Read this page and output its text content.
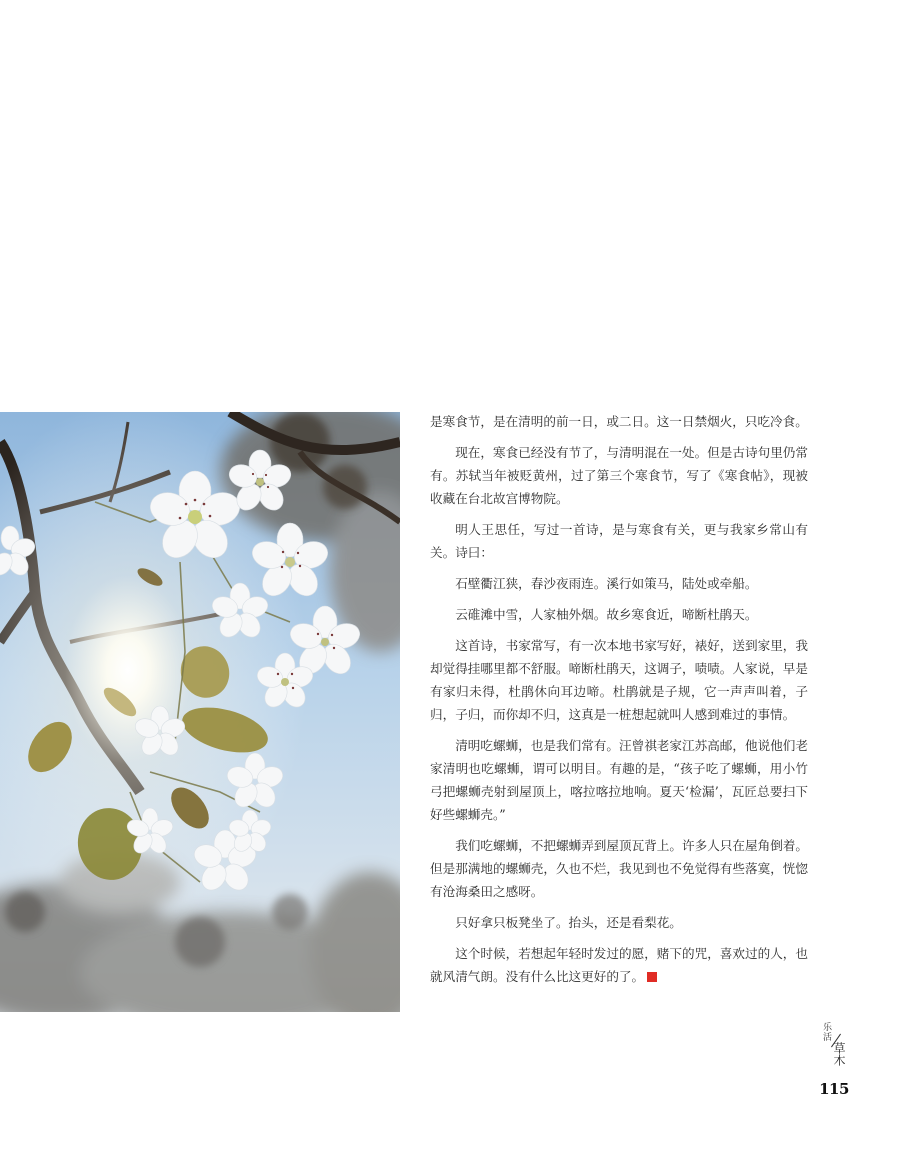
是寒食节，是在清明的前一日，或二日。这一日禁烟火，只吃冷食。

现在，寒食已经没有节了，与清明混在一处。但是古诗句里仍常有。苏轼当年被贬黄州，过了第三个寒食节，写了《寒食帖》，现被收藏在台北故宫博物院。

明人王思任，写过一首诗，是与寒食有关，更与我家乡常山有关。诗曰：

石壁衢江狭，春沙夜雨连。溪行如策马，陆处或牵船。

云碓滩中雪，人家柚外烟。故乡寒食近，啼断杜鹃天。

这首诗，书家常写，有一次本地书家写好，裱好，送到家里，我却觉得挂哪里都不舒服。啼断杜鹃天，这调子，啧啧。人家说，早是有家归未得，杜鹃休向耳边啼。杜鹃就是子规，它一声声叫着，子归，子归，而你却不归，这真是一桩想起就叫人感到难过的事情。

清明吃螺蛳，也是我们常有。汪曾祺老家江苏高邮，他说他们老家清明也吃螺蛳，谓可以明目。有趣的是，“孩子吃了螺蛳，用小竹弓把螺蛳壳射到屋顶上，喀拉喀拉地响。夏天‘检漏’，瓦匠总要扫下好些螺蛳壳。”

我们吃螺蛳，不把螺蛳弄到屋顶瓦背上。许多人只在屋角倒着。但是那满地的螺蛳壳，久也不烂，我见到也不免觉得有些落寞，恍惚有沧海桑田之感呀。

只好拿只板凳坐了。抬头，还是看梨花。

这个时候，若想起年轻时发过的愿，赌下的咒，喜欢过的人，也就风清气朗。没有什么比这更好的了。

乐活
草木
115
